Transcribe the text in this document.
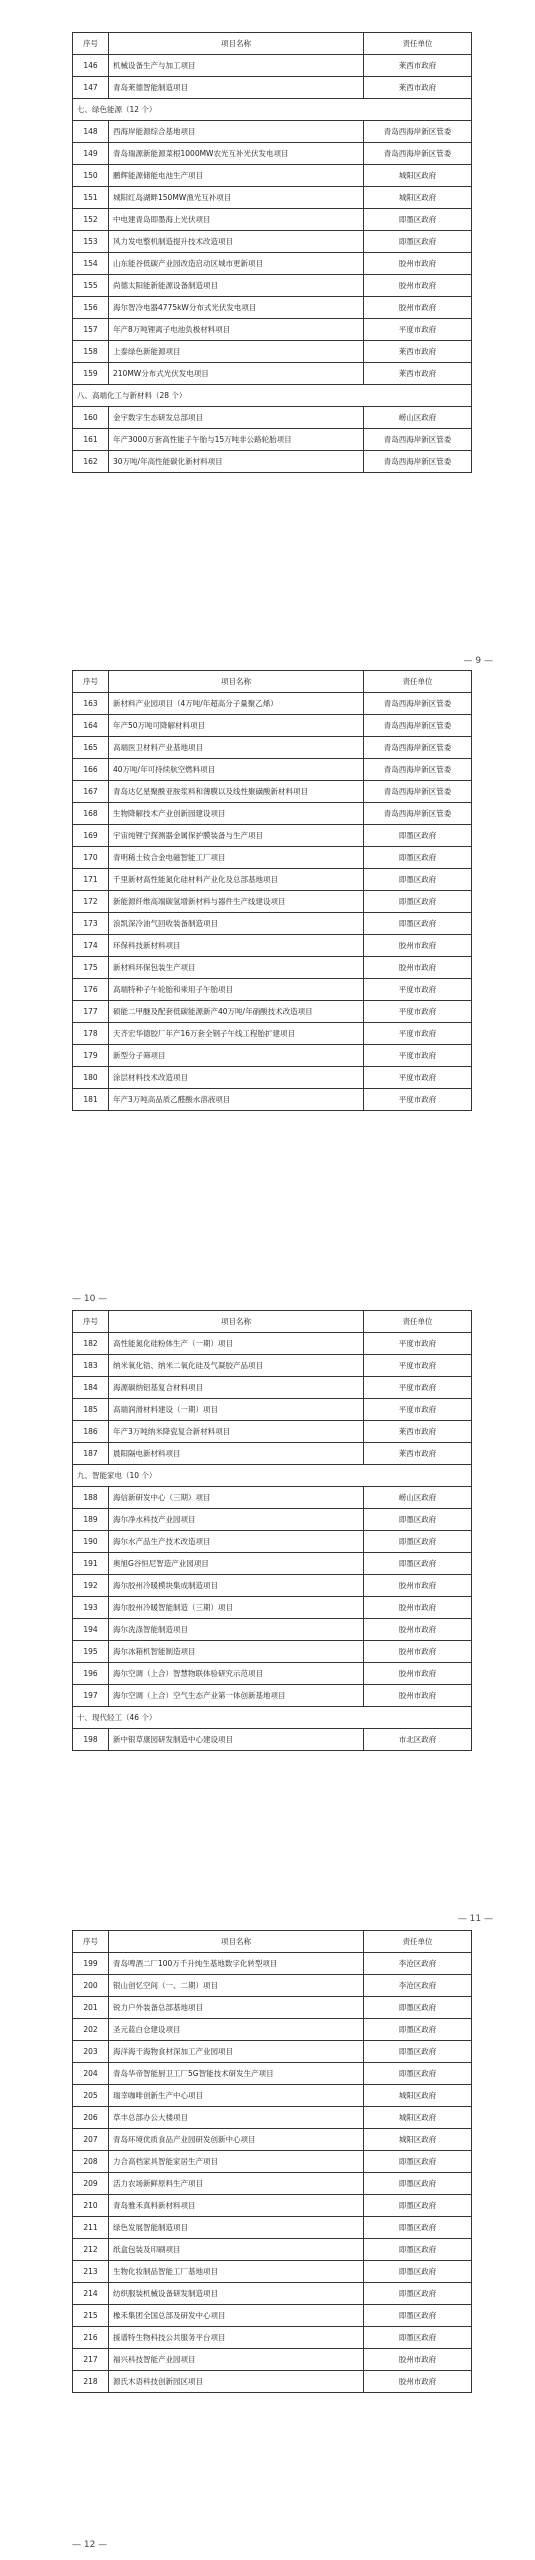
— 9 —
— 10 —
— 11 —
— 12 —
序号	项目名称	责任单位
146	机械设备生产与加工项目	莱西市政府
147	青岛莱德智能制造项目	莱西市政府
七、绿色能源（12 个）		
148	西海岸能源综合基地项目	青岛西海岸新区管委
149	青岛瑞源新能源菜根1000MW农光互补光伏发电项目	青岛西海岸新区管委
150	鹏辉能源储能电池生产项目	城阳区政府
151	城阳红岛湖畔150MW渔光互补项目	城阳区政府
152	中电建青岛即墨海上光伏项目	即墨区政府
153	风力发电整机制造提升技术改造项目	即墨区政府
154	山东能谷低碳产业园改造启动区城市更新项目	胶州市政府
155	尚德太阳能新能源设备制造项目	胶州市政府
156	海尔智冷电器4775kW分布式光伏发电项目	胶州市政府
157	年产8万吨锂离子电池负极材料项目	平度市政府
158	上泰绿色新能源项目	莱西市政府
159	210MW分布式光伏发电项目	莱西市政府
八、高端化工与新材料（28 个）		
160	金宇数字生态研发总部项目	崂山区政府
161	年产3000万套高性能子午胎与15万吨非公路轮胎项目	青岛西海岸新区管委
162	30万吨/年高性能碳化新材料项目	青岛西海岸新区管委
序号	项目名称	责任单位
163	新材料产业园项目（4万吨/年超高分子量聚乙烯）	青岛西海岸新区管委
164	年产50万吨可降解材料项目	青岛西海岸新区管委
165	高端医卫材料产业基地项目	青岛西海岸新区管委
166	40万吨/年可持续航空燃料项目	青岛西海岸新区管委
167	青岛达亿星聚酰亚胺浆料和薄膜以及线性聚磺酸新材料项目	青岛西海岸新区管委
168	生物降解技术产业创新园建设项目	青岛西海岸新区管委
169	宇宙纯锂宁探测器金属保护膜装备与生产项目	即墨区政府
170	青明稀土钕合金电磁智能工厂项目	即墨区政府
171	千里新材高性能氮化硅材料产业化及总部基地项目	即墨区政府
172	新能源纤维高端碳氢增新材料与器件生产线建设项目	即墨区政府
173	浪凯深冷油气回收装备制造项目	即墨区政府
174	环保科技新材料项目	胶州市政府
175	新材料环保包装生产项目	胶州市政府
176	高端特种子午轮胎和乘用子午胎项目	平度市政府
177	硕能二甲醚及配套低碳能源新产40万吨/年硝酸技术改造项目	平度市政府
178	天齐宏华德胶厂年产16万套全钢子午线工程胎扩建项目	平度市政府
179	新型分子筛项目	平度市政府
180	涂层材料技术改造项目	平度市政府
181	年产3万吨高品质乙醛酸水溶液项目	平度市政府
序号	项目名称	责任单位
182	高性能氮化硅粉体生产（一期）项目	平度市政府
183	纳米氧化锆、纳米二氧化硅及气凝胶产品项目	平度市政府
184	海源碳纳铝基复合材料项目	平度市政府
185	高端润滑材料建设（一期）项目	平度市政府
186	年产3万吨纳米降瓷复合新材料项目	莱西市政府
187	晨阳隔电新材料项目	莱西市政府
九、智能家电（10 个）		
188	海信新研发中心（三期）项目	崂山区政府
189	海尔净水科技产业园项目	即墨区政府
190	海尔水产品生产技术改造项目	即墨区政府
191	奥旭G谷恒尼智造产业园项目	即墨区政府
192	海尔胶州冷暖模块集成制造项目	胶州市政府
193	海尔胶州冷暖智能制造（三期）项目	胶州市政府
194	海尔洗涤智能制造项目	胶州市政府
195	海尔冰箱机智能制造项目	胶州市政府
196	海尔空调（上合）智慧物联体验研究示范项目	胶州市政府
197	海尔空调（上合）空气生态产业第一体创新基地项目	胶州市政府
十、现代轻工（46 个）		
198	新中银草康园研发制造中心建设项目	市北区政府
序号	项目名称	责任单位
199	青岛啤酒二厂100万千升纯生基地数字化转型项目	李沧区政府
200	银山创忆空间（一、二期）项目	李沧区政府
201	锐力户外装备总部基地项目	即墨区政府
202	圣元蓝白仓建设项目	即墨区政府
203	海洋海干海物食材深加工产业园项目	即墨区政府
204	青岛华帝智能厨卫工厂5G智能技术研发生产项目	即墨区政府
205	瑞幸咖啡创新生产中心项目	城阳区政府
206	草丰总部办公大楼项目	城阳区政府
207	青岛环境优质食品产业园研发创新中心项目	城阳区政府
208	力合高档家具智能家居生产项目	即墨区政府
209	活力农场新鲜原料生产项目	即墨区政府
210	青岛雅禾真料新材料项目	即墨区政府
211	绿色发展智能制造项目	即墨区政府
212	纸盒包装及印刷项目	即墨区政府
213	生物化妆制品智能工厂基地项目	即墨区政府
214	纺织服装机械设备研发制造项目	即墨区政府
215	橡禾集团全国总部及研发中心项目	即墨区政府
216	援谱特生物科技公共服务平台项目	即墨区政府
217	福兴科技智能产业园项目	胶州市政府
218	源氏木语科技创新园区项目	胶州市政府
